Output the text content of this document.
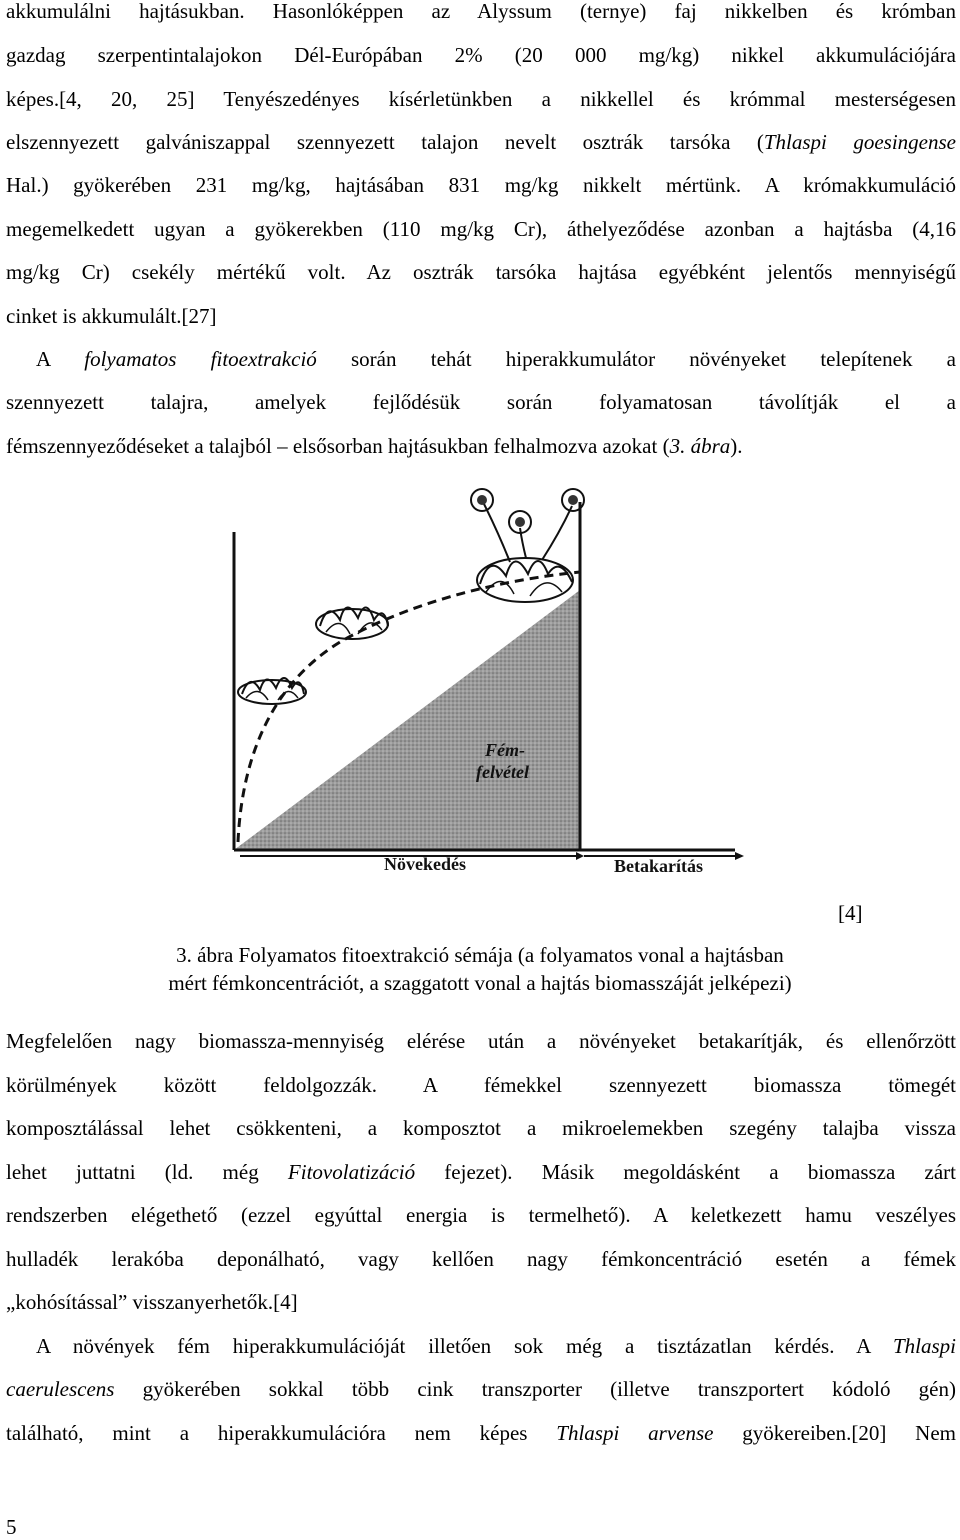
akkumulálni hajtásukban. Hasonlóképpen az Alyssum (ternye) faj nikkelben és krómban
gazdag szerpentintalajokon Dél-Európában 2% (20 000 mg/kg) nikkel akkumulációjára
képes.[4, 20, 25] Tenyészedényes kísérletünkben a nikkellel és krómmal mesterségesen
elszennyezett galvániszappal szennyezett talajon nevelt osztrák tarsóka (Thlaspi goesingense
Hal.) gyökerében 231 mg/kg, hajtásában 831 mg/kg nikkelt mértünk. A krómakkumuláció
megemelkedett ugyan a gyökerekben (110 mg/kg Cr), áthelyeződése azonban a hajtásba (4,16
mg/kg Cr) csekély mértékű volt. Az osztrák tarsóka hajtása egyébként jelentős mennyiségű
cinket is akkumulált.[27]
A folyamatos fitoextrakció során tehát hiperakkumulátor növényeket telepítenek a
szennyezett talajra, amelyek fejlődésük során folyamatosan távolítják el a
fémszennyeződéseket a talajból – elsősorban hajtásukban felhalmozva azokat (3. ábra).
Fém-
felvétel
Növekedés	Betakarítás
[4]
3. ábra Folyamatos fitoextrakció sémája (a folyamatos vonal a hajtásban
mért fémkoncentrációt, a szaggatott vonal a hajtás biomasszáját jelképezi)
Megfelelően nagy biomassza-mennyiség elérése után a növényeket betakarítják, és ellenőrzött
körülmények között feldolgozzák. A fémekkel szennyezett biomassza tömegét
komposztálással lehet csökkenteni, a komposztot a mikroelemekben szegény talajba vissza
lehet juttatni (ld. még Fitovolatizáció fejezet). Másik megoldásként a biomassza zárt
rendszerben elégethető (ezzel egyúttal energia is termelhető). A keletkezett hamu veszélyes
hulladék lerakóba deponálható, vagy kellően nagy fémkoncentráció esetén a fémek
„kohósítással” visszanyerhetők.[4]
A növények fém hiperakkumulációját illetően sok még a tisztázatlan kérdés. A Thlaspi
caerulescens gyökerében sokkal több cink transzporter (illetve transzportert kódoló gén)
található, mint a hiperakkumulációra nem képes Thlaspi arvense gyökereiben.[20] Nem
5
